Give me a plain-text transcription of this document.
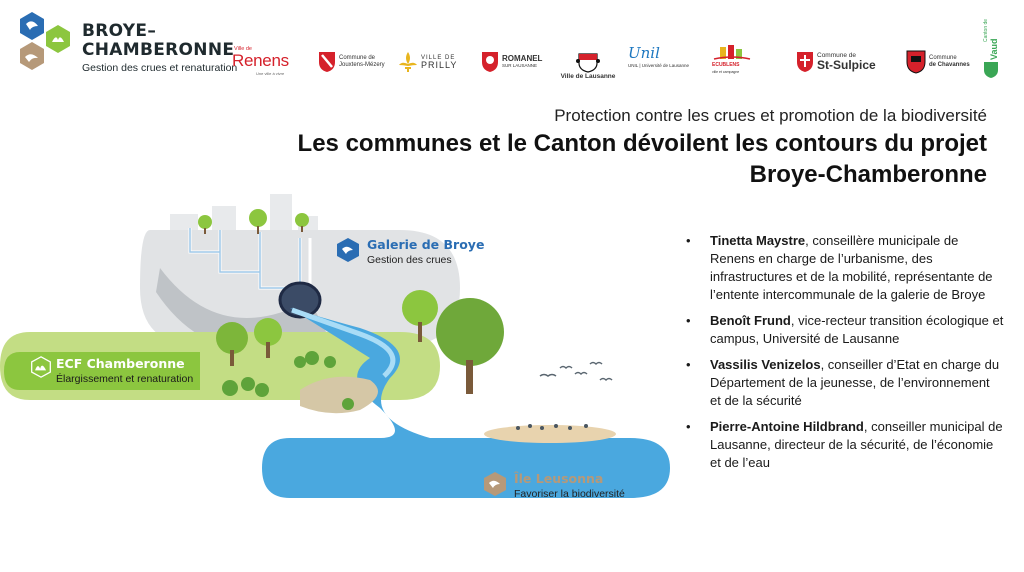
BROYE–
CHAMBERONNE
Gestion des crues et renaturation
Ville de
Renens
Une ville à vivre
Commune de
Jouxtens-Mézery
VILLE DE
PRILLY
ROMANEL
SUR LAUSANNE
Ville de Lausanne
Unil
UNIL | Université de Lausanne	ECUBLENS
ville et campagne
Commune de
St-Sulpice	Commune
de Chavannes
Canton de
Vaud
Protection contre les crues et promotion de la biodiversité
Les communes et le Canton dévoilent les contours du projet
Broye-Chamberonne
Galerie de Broye
Gestion des crues
ECF Chamberonne
Élargissement et renaturation
Île Leusonna
Favoriser la biodiversité
• Tinetta Maystre, conseillère municipale de Renens en charge de l’urbanisme, des infrastructures et de la mobilité, représentante de l’entente intercommunale de la galerie de Broye
• Benoît Frund, vice-recteur transition écologique et campus, Université de Lausanne
• Vassilis Venizelos, conseiller d’Etat en charge du Département de la jeunesse, de l’environnement et de la sécurité
• Pierre-Antoine Hildbrand, conseiller municipal de Lausanne, directeur de la sécurité, de l’économie et de l’eau
